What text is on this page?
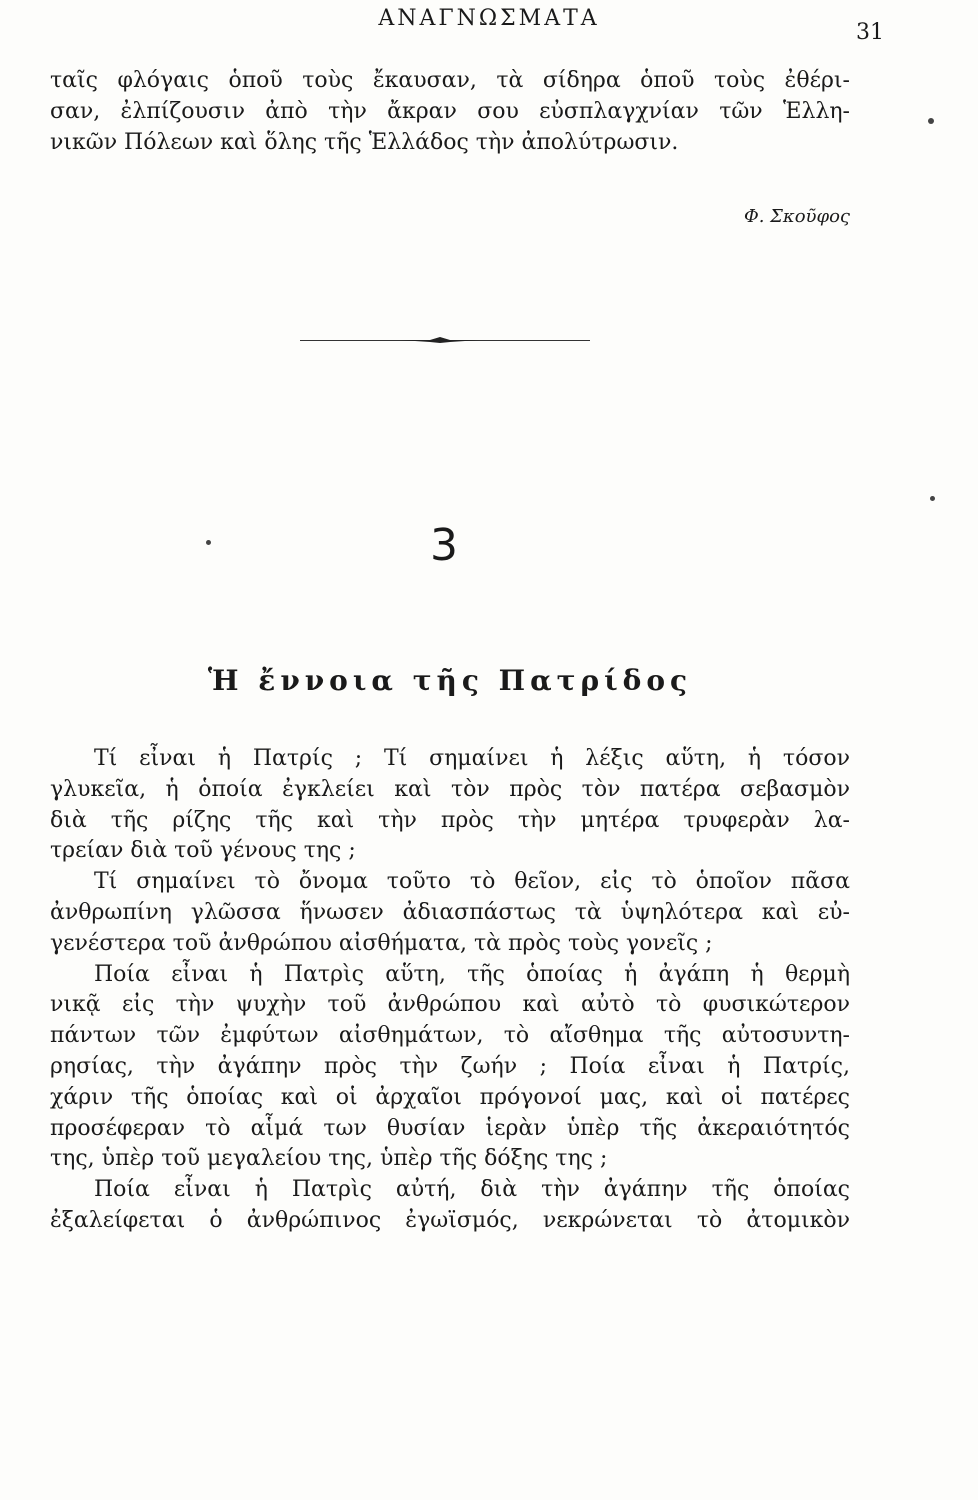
ΑΝΑΓΝΩΣΜΑΤΑ
31
ταῖς φλόγαις ὁποῦ τοὺς ἔκαυσαν, τὰ σίδηρα ὁποῦ τοὺς ἐθέρι-
σαν, ἐλπίζουσιν ἀπὸ τὴν ἄκραν σου εὐσπλαγχνίαν τῶν Ἑλλη-
νικῶν Πόλεων καὶ ὅλης τῆς Ἑλλάδος τὴν ἀπολύτρωσιν.
Φ. Σκοῦφος
3
Ἡ ἔννοια τῆς Πατρίδος
Τί εἶναι ἡ Πατρίς ; Τί σημαίνει ἡ λέξις αὕτη, ἡ τόσον
γλυκεῖα, ἡ ὁποία ἐγκλείει καὶ τὸν πρὸς τὸν πατέρα σεβασμὸν
διὰ τῆς ρίζης τῆς καὶ τὴν πρὸς τὴν μητέρα τρυφερὰν λα-
τρείαν διὰ τοῦ γένους της ;
Τί σημαίνει τὸ ὄνομα τοῦτο τὸ θεῖον, εἰς τὸ ὁποῖον πᾶσα
ἀνθρωπίνη γλῶσσα ἥνωσεν ἀδιασπάστως τὰ ὑψηλότερα καὶ εὐ-
γενέστερα τοῦ ἀνθρώπου αἰσθήματα, τὰ πρὸς τοὺς γονεῖς ;
Ποία εἶναι ἡ Πατρὶς αὕτη, τῆς ὁποίας ἡ ἀγάπη ἡ θερμὴ
νικᾷ εἰς τὴν ψυχὴν τοῦ ἀνθρώπου καὶ αὐτὸ τὸ φυσικώτερον
πάντων τῶν ἐμφύτων αἰσθημάτων, τὸ αἴσθημα τῆς αὐτοσυντη-
ρησίας, τὴν ἀγάπην πρὸς τὴν ζωήν ; Ποία εἶναι ἡ Πατρίς,
χάριν τῆς ὁποίας καὶ οἱ ἀρχαῖοι πρόγονοί μας, καὶ οἱ πατέρες
προσέφεραν τὸ αἷμά των θυσίαν ἱερὰν ὑπὲρ τῆς ἀκεραιότητός
της, ὑπὲρ τοῦ μεγαλείου της, ὑπὲρ τῆς δόξης της ;
Ποία εἶναι ἡ Πατρὶς αὐτή, διὰ τὴν ἀγάπην τῆς ὁποίας
ἐξαλείφεται ὁ ἀνθρώπινος ἐγωϊσμός, νεκρώνεται τὸ ἀτομικὸν
